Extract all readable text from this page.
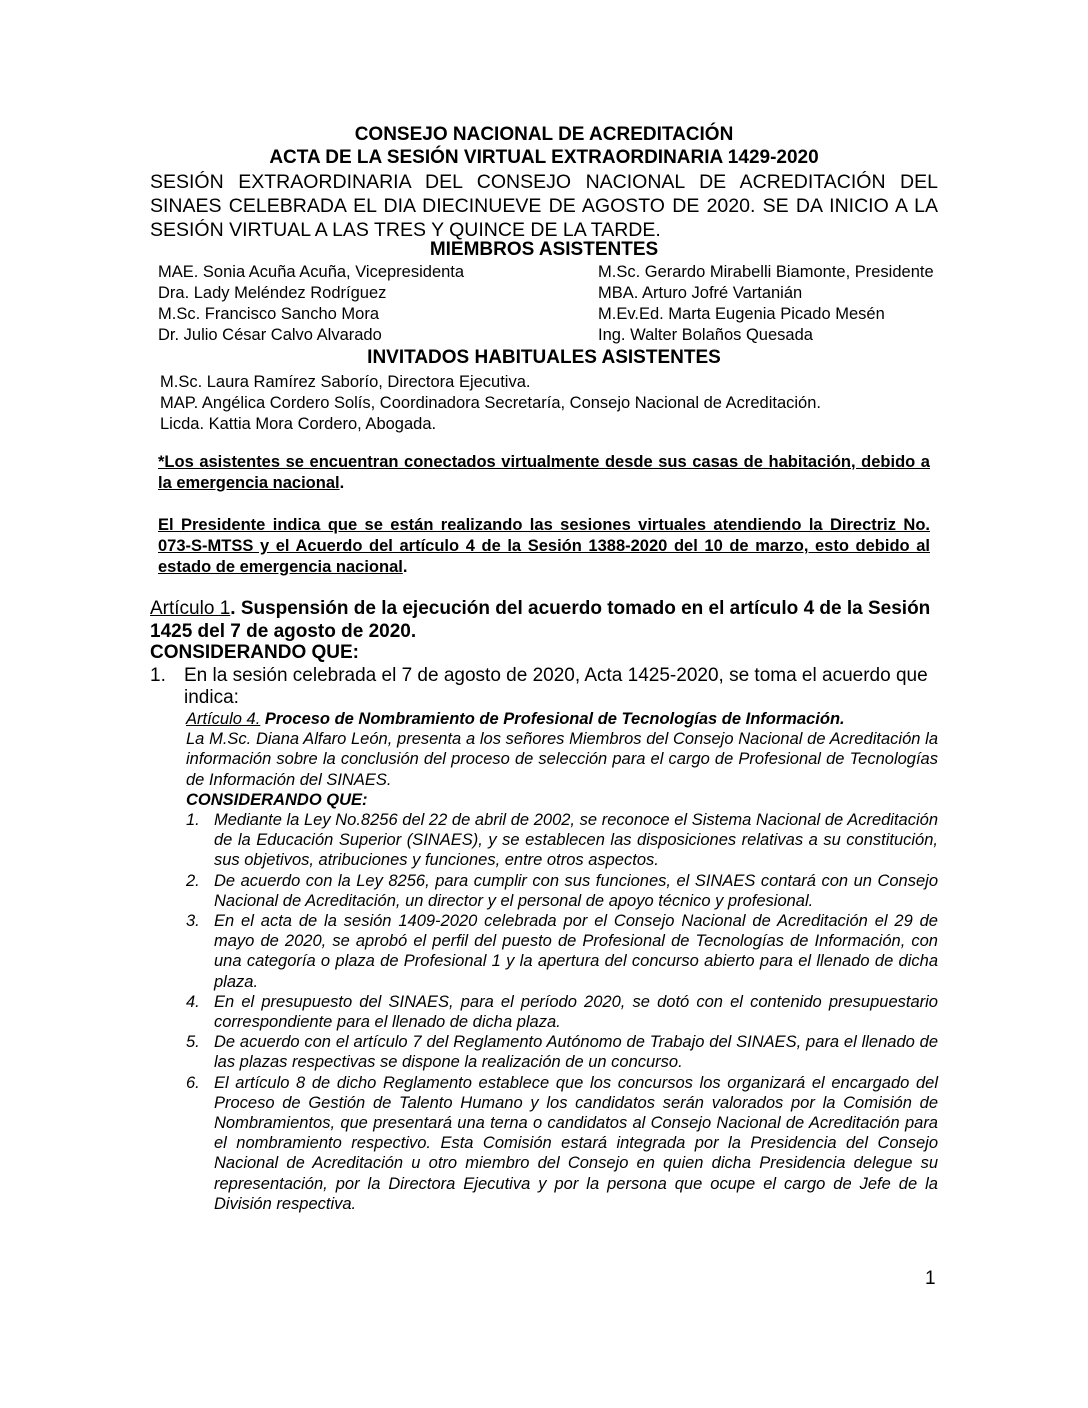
CONSEJO NACIONAL DE ACREDITACIÓN
ACTA DE LA SESIÓN VIRTUAL EXTRAORDINARIA 1429-2020
SESIÓN EXTRAORDINARIA DEL CONSEJO NACIONAL DE ACREDITACIÓN DEL SINAES CELEBRADA EL DIA DIECINUEVE DE AGOSTO DE 2020. SE DA INICIO A LA SESIÓN VIRTUAL A LAS TRES Y QUINCE DE LA TARDE.
MIEMBROS ASISTENTES
MAE. Sonia Acuña Acuña, Vicepresidenta	M.Sc. Gerardo Mirabelli Biamonte, Presidente
Dra. Lady Meléndez Rodríguez	MBA. Arturo Jofré Vartanián
M.Sc. Francisco Sancho Mora	M.Ev.Ed. Marta Eugenia Picado Mesén
Dr. Julio César Calvo Alvarado	Ing. Walter Bolaños Quesada
INVITADOS HABITUALES ASISTENTES
M.Sc. Laura Ramírez Saborío, Directora Ejecutiva.
MAP. Angélica Cordero Solís, Coordinadora Secretaría, Consejo Nacional de Acreditación.
Licda. Kattia Mora Cordero, Abogada.
*Los asistentes se encuentran conectados virtualmente desde sus casas de habitación, debido a la emergencia nacional.
El Presidente indica que se están realizando las sesiones virtuales atendiendo la Directriz No. 073-S-MTSS y el Acuerdo del artículo 4 de la Sesión 1388-2020 del 10 de marzo, esto debido al estado de emergencia nacional.
Artículo 1. Suspensión de la ejecución del acuerdo tomado en el artículo 4 de la Sesión 1425 del 7 de agosto de 2020.
CONSIDERANDO QUE:
1. En la sesión celebrada el 7 de agosto de 2020, Acta 1425-2020, se toma el acuerdo que indica:
Artículo 4. Proceso de Nombramiento de Profesional de Tecnologías de Información.
La M.Sc. Diana Alfaro León, presenta a los señores Miembros del Consejo Nacional de Acreditación la información sobre la conclusión del proceso de selección para el cargo de Profesional de Tecnologías de Información del SINAES.
CONSIDERANDO QUE:
1. Mediante la Ley No.8256 del 22 de abril de 2002, se reconoce el Sistema Nacional de Acreditación de la Educación Superior (SINAES), y se establecen las disposiciones relativas a su constitución, sus objetivos, atribuciones y funciones, entre otros aspectos.
2. De acuerdo con la Ley 8256, para cumplir con sus funciones, el SINAES contará con un Consejo Nacional de Acreditación, un director y el personal de apoyo técnico y profesional.
3. En el acta de la sesión 1409-2020 celebrada por el Consejo Nacional de Acreditación el 29 de mayo de 2020, se aprobó el perfil del puesto de Profesional de Tecnologías de Información, con una categoría o plaza de Profesional 1 y la apertura del concurso abierto para el llenado de dicha plaza.
4. En el presupuesto del SINAES, para el período 2020, se dotó con el contenido presupuestario correspondiente para el llenado de dicha plaza.
5. De acuerdo con el artículo 7 del Reglamento Autónomo de Trabajo del SINAES, para el llenado de las plazas respectivas se dispone la realización de un concurso.
6. El artículo 8 de dicho Reglamento establece que los concursos los organizará el encargado del Proceso de Gestión de Talento Humano y los candidatos serán valorados por la Comisión de Nombramientos, que presentará una terna o candidatos al Consejo Nacional de Acreditación para el nombramiento respectivo. Esta Comisión estará integrada por la Presidencia del Consejo Nacional de Acreditación u otro miembro del Consejo en quien dicha Presidencia delegue su representación, por la Directora Ejecutiva y por la persona que ocupe el cargo de Jefe de la División respectiva.
1
